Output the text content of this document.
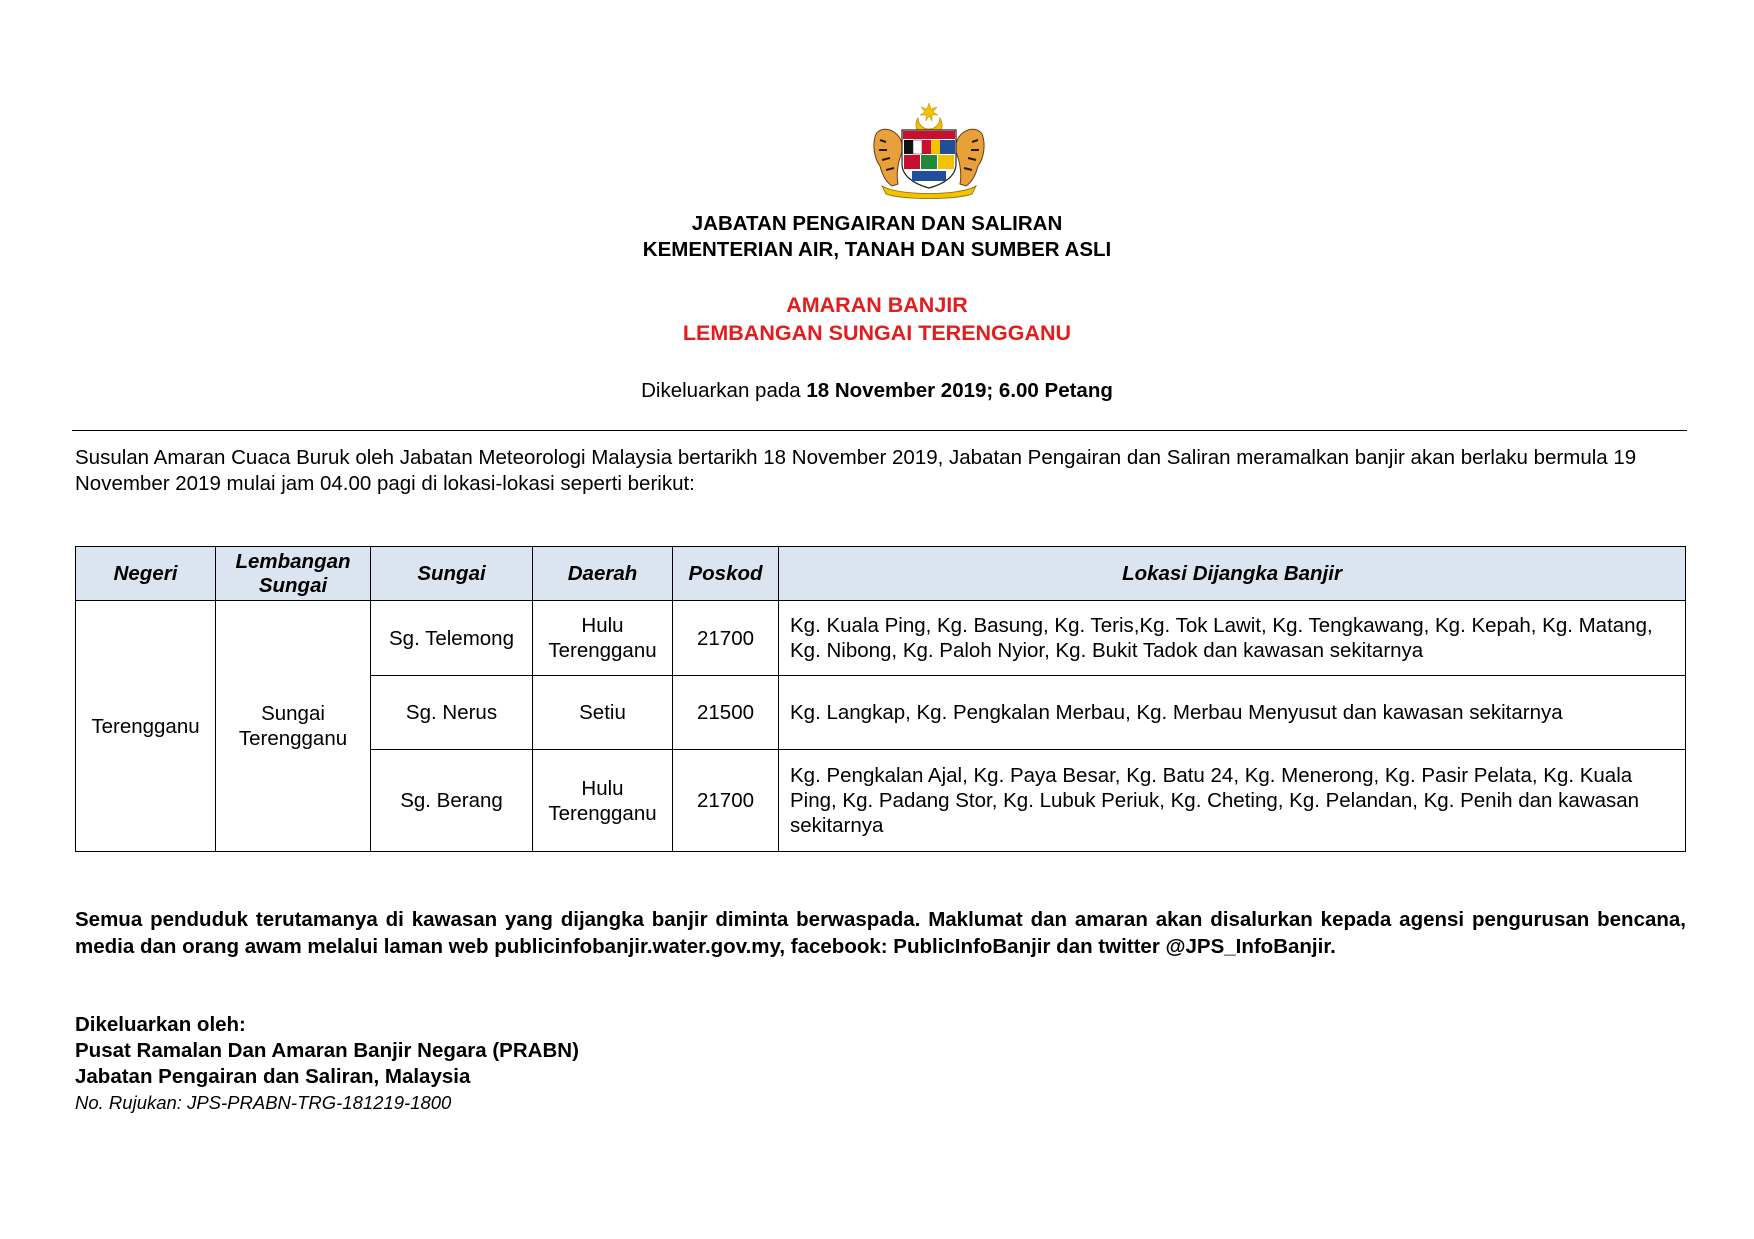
JABATAN PENGAIRAN DAN SALIRAN
KEMENTERIAN AIR, TANAH DAN SUMBER ASLI
AMARAN BANJIR
LEMBANGAN SUNGAI TERENGGANU
Dikeluarkan pada 18 November 2019; 6.00 Petang
Susulan Amaran Cuaca Buruk oleh Jabatan Meteorologi Malaysia bertarikh 18 November 2019, Jabatan Pengairan dan Saliran meramalkan banjir akan berlaku bermula 19 November 2019 mulai jam 04.00 pagi di lokasi-lokasi seperti berikut:
Negeri	Lembangan Sungai	Sungai	Daerah	Poskod	Lokasi Dijangka Banjir
Terengganu	Sungai Terengganu	Sg. Telemong	Hulu Terengganu	21700	Kg. Kuala Ping, Kg. Basung, Kg. Teris,Kg. Tok Lawit, Kg. Tengkawang, Kg. Kepah, Kg. Matang, Kg. Nibong, Kg. Paloh Nyior, Kg. Bukit Tadok dan kawasan sekitarnya
		Sg. Nerus	Setiu	21500	Kg. Langkap, Kg. Pengkalan Merbau, Kg. Merbau Menyusut dan kawasan sekitarnya
		Sg. Berang	Hulu Terengganu	21700	Kg. Pengkalan Ajal, Kg. Paya Besar, Kg. Batu 24, Kg. Menerong, Kg. Pasir Pelata, Kg. Kuala Ping, Kg. Padang Stor, Kg. Lubuk Periuk, Kg. Cheting, Kg. Pelandan, Kg. Penih dan kawasan sekitarnya
Semua penduduk terutamanya di kawasan yang dijangka banjir diminta berwaspada. Maklumat dan amaran akan disalurkan kepada agensi pengurusan bencana, media dan orang awam melalui laman web publicinfobanjir.water.gov.my, facebook: PublicInfoBanjir dan twitter @JPS_InfoBanjir.
Dikeluarkan oleh:
Pusat Ramalan Dan Amaran Banjir Negara (PRABN)
Jabatan Pengairan dan Saliran, Malaysia
No. Rujukan: JPS-PRABN-TRG-181219-1800
